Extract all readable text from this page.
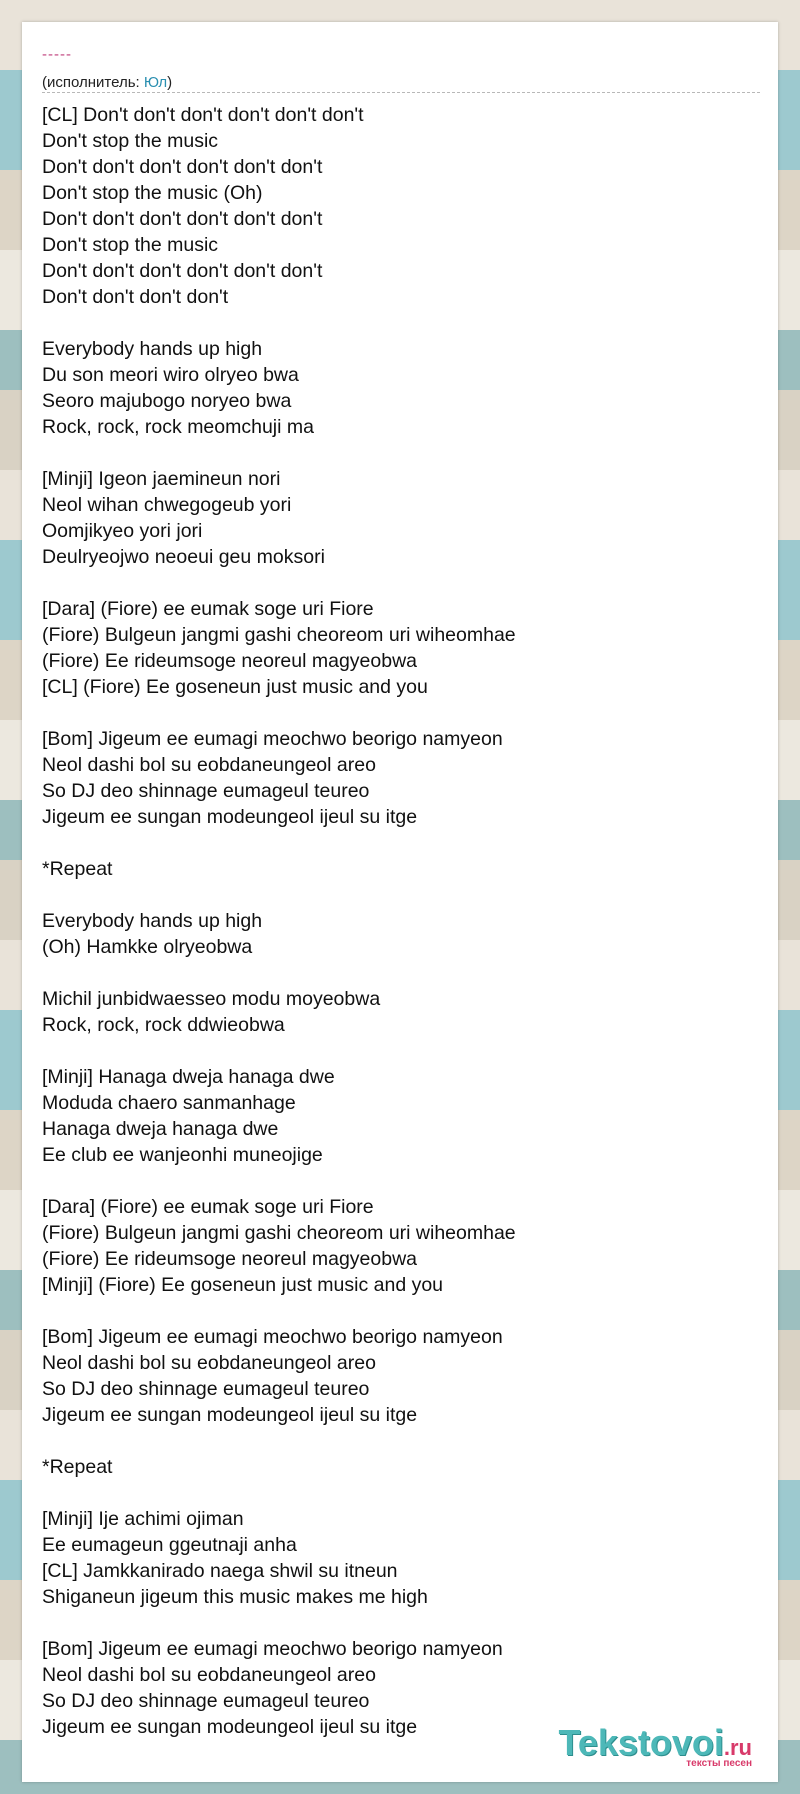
-----
(исполнитель: Юл)
[CL] Don't don't don't don't don't don't
Don't stop the music
Don't don't don't don't don't don't
Don't stop the music (Oh)
Don't don't don't don't don't don't
Don't stop the music
Don't don't don't don't don't don't
Don't don't don't don't
Everybody hands up high
Du son meori wiro olryeo bwa
Seoro majubogo noryeo bwa
Rock, rock, rock meomchuji ma
[Minji] Igeon jaemineun nori
Neol wihan chwegogeub yori
Oomjikyeo yori jori
Deulryeojwo neoeui geu moksori
[Dara] (Fiore) ee eumak soge uri Fiore
(Fiore) Bulgeun jangmi gashi cheoreom uri wiheomhae
(Fiore) Ee rideumsoge neoreul magyeobwa
[CL] (Fiore) Ee goseneun just music and you
[Bom] Jigeum ee eumagi meochwo beorigo namyeon
Neol dashi bol su eobdaneungeol areo
So DJ deo shinnage eumageul teureo
Jigeum ee sungan modeungeol ijeul su itge
*Repeat
Everybody hands up high
(Oh) Hamkke olryeobwa
Michil junbidwaesseo modu moyeobwa
Rock, rock, rock ddwieobwa
[Minji] Hanaga dweja hanaga dwe
Moduda chaero sanmanhage
Hanaga dweja hanaga dwe
Ee club ee wanjeonhi muneojige
[Dara] (Fiore) ee eumak soge uri Fiore
(Fiore) Bulgeun jangmi gashi cheoreom uri wiheomhae
(Fiore) Ee rideumsoge neoreul magyeobwa
[Minji] (Fiore) Ee goseneun just music and you
[Bom] Jigeum ee eumagi meochwo beorigo namyeon
Neol dashi bol su eobdaneungeol areo
So DJ deo shinnage eumageul teureo
Jigeum ee sungan modeungeol ijeul su itge
*Repeat
[Minji] Ije achimi ojiman
Ee eumageun ggeutnaji anha
[CL] Jamkkanirado naega shwil su itneun
Shiganeun jigeum this music makes me high
[Bom] Jigeum ee eumagi meochwo beorigo namyeon
Neol dashi bol su eobdaneungeol areo
So DJ deo shinnage eumageul teureo
Jigeum ee sungan modeungeol ijeul su itge	Tekstovoi.ru
тексты песен
